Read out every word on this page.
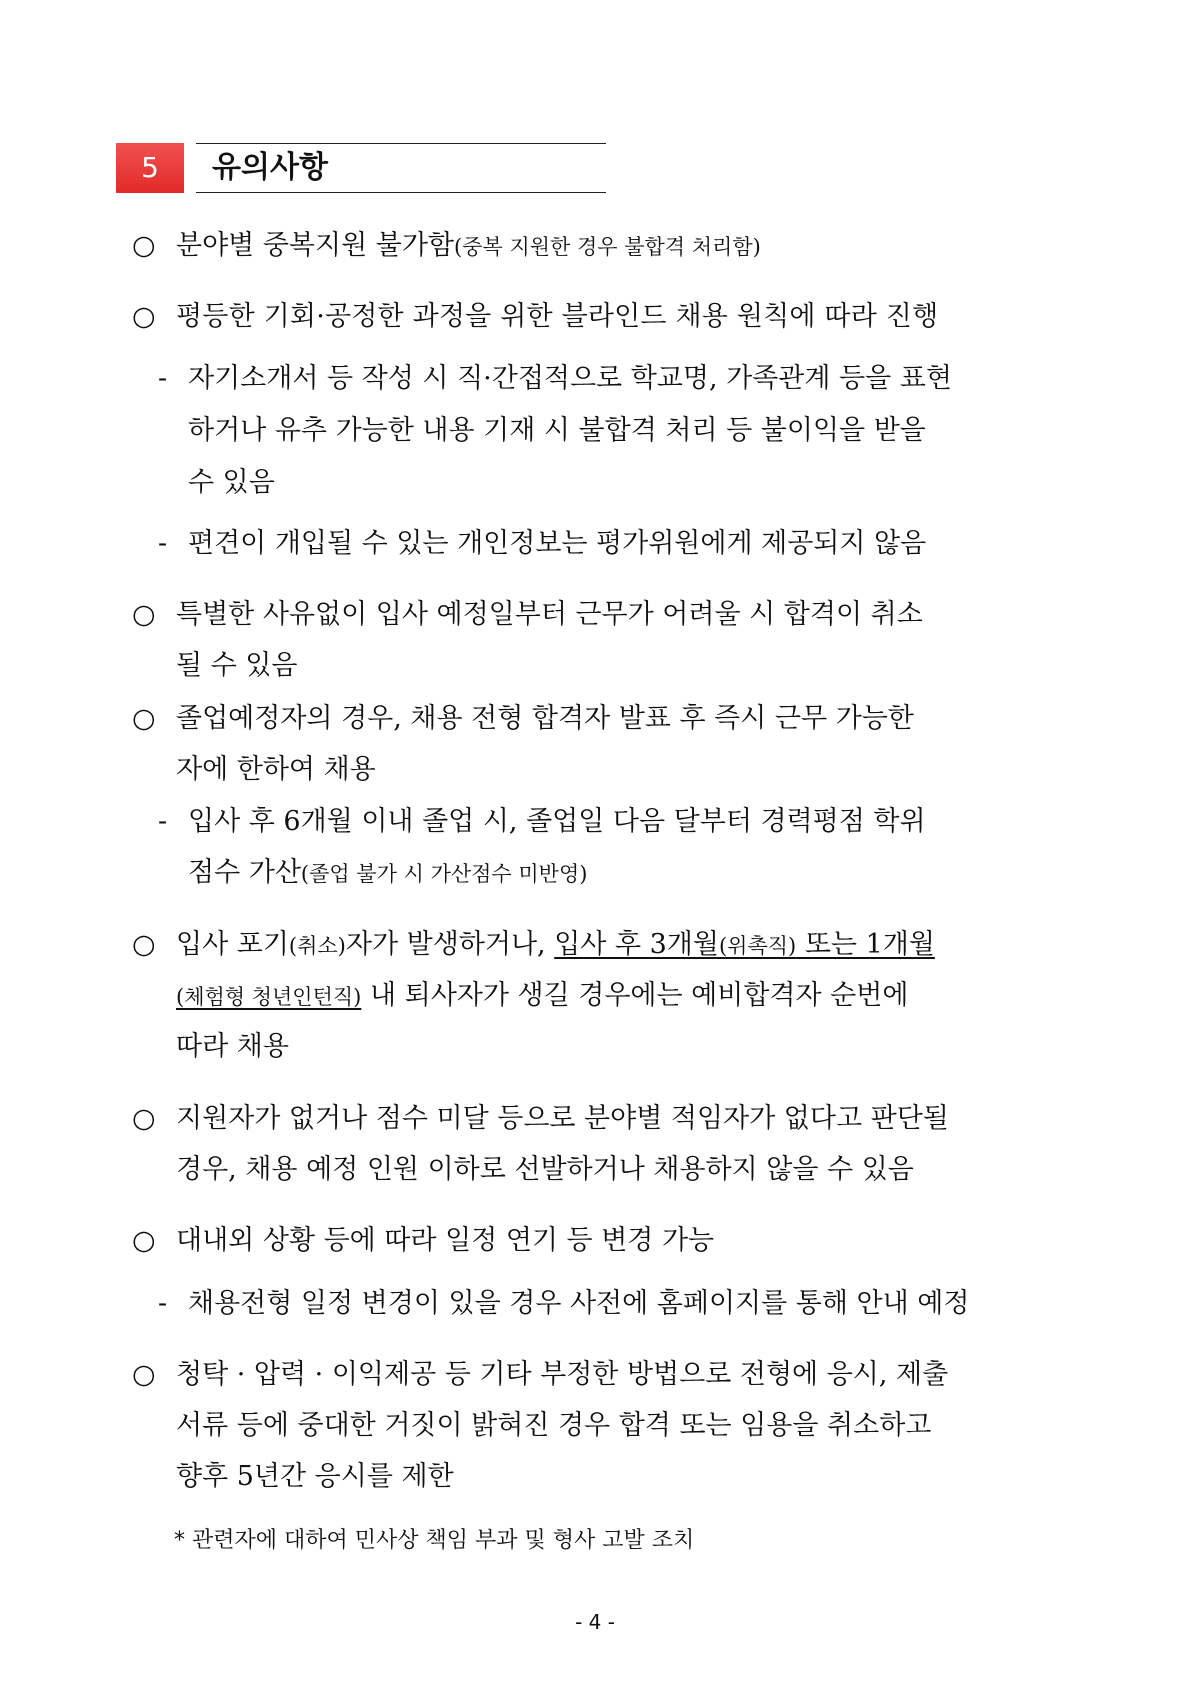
5	유의사항
○ 분야별 중복지원 불가함(중복 지원한 경우 불합격 처리함)
○ 평등한 기회·공정한 과정을 위한 블라인드 채용 원칙에 따라 진행
- 자기소개서 등 작성 시 직·간접적으로 학교명, 가족관계 등을 표현
하거나 유추 가능한 내용 기재 시 불합격 처리 등 불이익을 받을
수 있음
- 편견이 개입될 수 있는 개인정보는 평가위원에게 제공되지 않음
○ 특별한 사유없이 입사 예정일부터 근무가 어려울 시 합격이 취소
될 수 있음
○ 졸업예정자의 경우, 채용 전형 합격자 발표 후 즉시 근무 가능한
자에 한하여 채용
- 입사 후 6개월 이내 졸업 시, 졸업일 다음 달부터 경력평점 학위
점수 가산(졸업 불가 시 가산점수 미반영)
○ 입사 포기(취소)자가 발생하거나, 입사 후 3개월(위촉직) 또는 1개월
(체험형 청년인턴직) 내 퇴사자가 생길 경우에는 예비합격자 순번에
따라 채용
○ 지원자가 없거나 점수 미달 등으로 분야별 적임자가 없다고 판단될
경우, 채용 예정 인원 이하로 선발하거나 채용하지 않을 수 있음
○ 대내외 상황 등에 따라 일정 연기 등 변경 가능
- 채용전형 일정 변경이 있을 경우 사전에 홈페이지를 통해 안내 예정
○ 청탁 · 압력 · 이익제공 등 기타 부정한 방법으로 전형에 응시, 제출
서류 등에 중대한 거짓이 밝혀진 경우 합격 또는 임용을 취소하고
향후 5년간 응시를 제한
* 관련자에 대하여 민사상 책임 부과 및 형사 고발 조치
- 4 -
